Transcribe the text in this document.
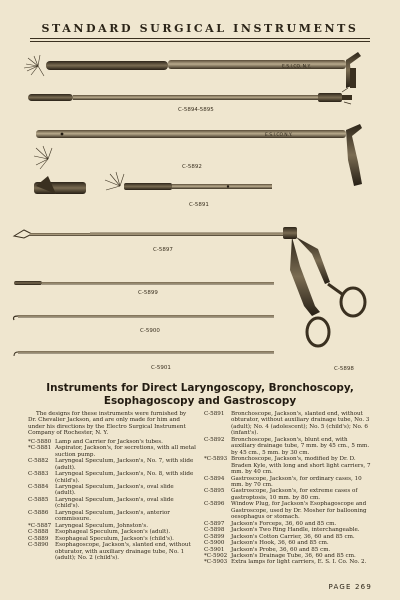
STANDARD SURGICAL INSTRUMENTS
E.S.I.CO. N.Y.
E.S.I.CO.N.Y.
C-5894-5895
C-5892
C-5891
C-5897
C-5899
C-5900
C-5901	C-5898
Instruments for Direct Laryngoscopy, Bronchoscopy, Esophagoscopy and Gastroscopy

The designs for these instruments were furnished by Dr. Chevalier Jackson, and are only made for him and under his directions by the Electro Surgical Instrument Company of Rochester, N. Y.

*C-5880 Lamp and Carrier for Jackson's tubes.
*C-5881 Aspirator, Jackson's, for secretions, with all metal suction pump.
C-5882	Laryngeal Speculum, Jackson's, No. 7, with slide (adult).
C-5883	Laryngeal Speculum, Jackson's, No. 8, with slide (child's).
C-5884	Laryngeal Speculum, Jackson's, oval slide (adult).
C-5885	Laryngeal Speculum, Jackson's, oval slide (child's).
C-5886	Laryngeal Speculum, Jackson's, anterior commissure.
*C-5887 Laryngeal Speculum, Johnston's.
C-5888	Esophageal Speculum, Jackson's (adult).
C-5889	Esophageal Speculum, Jackson's (child's).
C-5890	Esophagoscope, Jackson's, slanted end, without obturator, with auxiliary drainage tube, No. 1 (adult); No. 2 (child's).
C-5891	Bronchoscope, Jackson's, slanted end, without obturator, without auxiliary drainage tube, No. 3 (adult); No. 4 (adolescent); No. 5 (child's); No. 6 (infant's).
C-5892	Bronchoscope, Jackson's, blunt end, with auxiliary drainage tube, 7 mm. by 45 cm., 5 mm. by 45 cm., 5 mm. by 30 cm.
*C-5893 Bronchoscope, Jackson's, modified by Dr. D. Braden Kyle, with long and short light carriers, 7 mm. by 40 cm.
C-5894	Gastroscope, Jackson's, for ordinary cases, 10 mm. by 70 cm.
C-5895	Gastroscope, Jackson's, for extreme cases of gastroptosis, 10 mm. by 80 cm.
C-5896	Window Plug, for Jackson's Esophagoscope and Gastroscope, used by Dr. Mosher for ballooning oesophagus or stomach.
C-5897	Jackson's Forceps, 36, 60 and 85 cm.
C-5898	Jackson's Two Ring Handle, interchangeable.
C-5899	Jackson's Cotton Carrier, 36, 60 and 85 cm.
C-5900	Jackson's Hook, 36, 60 and 85 cm.
C-5901	Jackson's Probe, 36, 60 and 85 cm.
*C-5902 Jackson's Drainage Tube, 36, 60 and 85 cm.
*C-5903 Extra lamps for light carriers, E. S. I. Co. No. 2.
PAGE 269
